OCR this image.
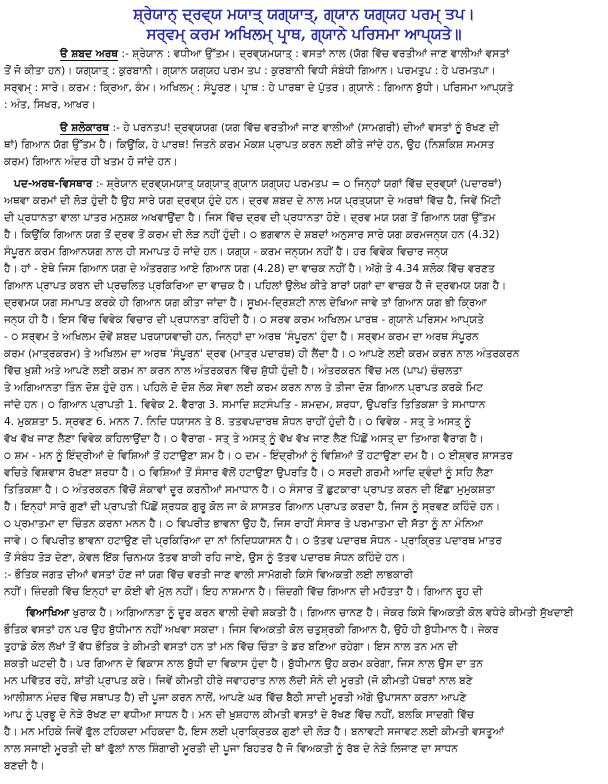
ਸ਼੍ਰੇਯਾਨ੍ ਦ੍ਰਵ੍ਯ ਮਯਾਤ੍ ਯਗ੍ਯਾਤ੍, ਗ੍ਯਾਨ ਯਗ੍ਯਹ ਪਰਮ੍ ਤਪ।
ਸਰ੍ਵਮ੍ ਕਰਮ ਅਖਿਲਮ੍ ਪਾਰ੍ਥ, ਗ੍ਯਾਨੇ ਪਰਿਸਮਾ ਆਪ੍ਯਤੇ॥
ੳ ਸ਼ਬਦ ਅਰਥ :- ਸ਼੍ਰੇਯਾਨ : ਵਧੀਆ ਉੱਤਮ। ਦ੍ਰਵ੍ਯਮਯਾਤ੍ : ਵਸਤਾਂ ਨਾਲ (ਯੱਗ ਵਿੱਚ ਵਰਤੀਆਂ ਜਾਣ ਵਾਲੀਆਂ ਵਸਤਾਂ
ਤੋਂ ਜੋ ਕੀਤਾ ਹਨ)। ਯਗ੍ਯਾਤ੍ : ਕੁਰਬਾਨੀ। ਗ੍ਯਾਨ ਯਗ੍ਯਹ ਪਰਮ ਤਪ : ਕੁਰਬਾਨੀ ਵਿਧੀ ਸੰਬੰਧੀ ਗਿਆਨ। ਪਰਮਤੁਪ : ਹੇ ਪਰਮਤਪਾ।
ਸਰ੍ਵਮ੍ : ਸਾਰੇ। ਕਰਮ : ਕ੍ਰਿਆ, ਕੰਮ। ਅਖਿਲਮ੍ : ਸੰਪੂਰਣ। ਪਾਰ੍ਥ : ਹੇ ਪਾਰਥਾ ਦੇ ਪੁੱਤਰ। ਗ੍ਯਾਨੇ : ਗਿਆਨ ਬੁੱਧੀ। ਪਰਿਸਮਾ ਆਪ੍ਯਤੇ
: ਅੰਤ, ਸਿਖਰ, ਆਖਰ।
ੳ ਸ਼ਲੋਕਾਰਥ :- ਹੇ ਪਰਨਤਪ! ਦ੍ਰਵ੍ਯਯਗ (ਯਗ ਵਿੱਚ ਵਰਤੀਆਂ ਜਾਣ ਵਾਲੀਆਂ (ਸਾਮਗਰੀ) ਦੀਆਂ ਵਸਤਾਂ ਨੂੰ ਰੱਖਣ ਦੀ
ਥਾਂ) ਗਿਆਨ ਯੱਗ ਉੱਤਮ ਹੈ। ਕਿਉਂਕਿ, ਹੇ ਪਾਰਥ! ਜਿਤਨੇ ਕਰਮ ਮੋਕਸ਼ ਪ੍ਰਾਪਤ ਕਰਨ ਲਈ ਕੀਤੇ ਜਾਂਦੇ ਹਨ, ਉਹ (ਨਿਸ਼ਕਿਸ਼ ਸਮਸਤ
ਕਰਮ) ਗਿਆਨ ਅੰਦਰ ਹੀ ਖਤਮ ਹੋ ਜਾਂਦੇ ਹਨ।
ਪਦ-ਅਰਥ-ਵਿਸਥਾਰ :- ਸ਼੍ਰੇਯਾਨ ਦ੍ਰਵ੍ਯਮਯਾਤ੍ ਯਗ੍ਯਾਤ੍ ਗ੍ਯਾਨ ਯਗ੍ਯਹ ਪਰਮਤਪ = ੦ ਜਿਨ੍ਹਾਂ ਯਗਾਂ ਵਿੱਚ ਦ੍ਰਵ੍ਯਾਂ (ਪਦਾਰਥਾਂ)
ਅਥਵਾ ਕਰਮਾਂ ਦੀ ਲੋੜ ਹੁੰਦੀ ਹੈ ਉਹ ਸਾਰੇ ਯਗ ਦ੍ਰਵ੍ਯ ਹੁੰਦੇ ਹਨ। ਦ੍ਰਵ ਸ਼ਬਦ ਦੇ ਨਾਲ ਮਯ ਪ੍ਰਤ੍ਯਯਾ ਦੇ ਅਰਥਾਂ ਵਿੱਚ ਹੈ, ਜਿਵੇਂ ਮਿੱਟੀ
ਦੀ ਪ੍ਰਧਾਨਤਾ ਵਾਲਾ ਪਾਤਰ ਮਨੁਸ਼ਕ ਅਖਵਾਉਂਦਾ ਹੈ। ਜਿਸ ਵਿੱਚ ਦ੍ਰਵ ਦੀ ਪ੍ਰਧਾਨਤਾ ਹੋਏ। ਦ੍ਰਵ ਮਯ ਯਗ ਤੋਂ ਗਿਆਨ ਯਗ ਉੱਤਮ
ਹੈ। ਕਿਉਂਕਿ ਗਿਆਨ ਯਗ ਤੋਂ ਦ੍ਰਵ ਤੋਂ ਕਰਮ ਦੀ ਲੋੜ ਨਹੀਂ ਹੁੰਦੀ। ੦ ਭਗਵਾਨ ਦੇ ਸ਼ਬਦਾਂ ਅਨੁਸਾਰ ਸਾਰੇ ਯਗ ਕਰਮਜਨ੍ਯ ਹਨ (4.32)
ਸੰਪੂਰਨ ਕਰਮ ਗਿਆਨਯਗ ਨਾਲ ਹੀ ਸਮਾਪਤ ਹੋ ਜਾਂਦੇ ਹਨ। ਯਗ੍ਯ - ਕਰਮ ਜਨ੍ਯਮ ਨਹੀਂ ਹੈ। ਹਰ ਵਿਵੇਕ ਵਿਚਾਰ ਜਨ੍ਯ
ਹੈ। ਹਾਂ - ਏਥੇ ਜਿਸ ਗਿਆਨ ਯਗ ਦੇ ਅੰਤਰਗਤ ਆਏ ਗਿਆਨ ਯਗ (4.28) ਦਾ ਵਾਚਕ ਨਹੀਂ ਹੈ। ਅੱਗੇ ਤੇ 4.34 ਸ਼ਲੋਕ ਵਿੱਚ ਵਰਣਤ
ਗਿਆਨ ਪ੍ਰਾਪਤ ਕਰਨ ਦੀ ਪ੍ਰਚਲਿਤ ਪ੍ਰਕਿਰਿਆ ਦਾ ਵਾਚਕ ਹੈ। ਪਹਿਲਾਂ ਉਲੇਖ ਕੀਤੇ ਬਾਰਾਂ ਯਗਾਂ ਦਾ ਵਾਚਕ ਹੈ ਜੋ ਦ੍ਰਵਮਯ ਯਗ ਹੈ।
ਦ੍ਰਵਮਯ ਯਗ ਸਮਾਪਤ ਕਰਕੇ ਹੀ ਗਿਆਨ ਯਗ ਕੀਤਾ ਜਾਂਦਾ ਹੈ। ਸੂਖਮ-ਦ੍ਰਿਸ਼ਟੀ ਨਾਲ ਦੇਖਿਆ ਜਾਵੇ ਤਾਂ ਗਿਆਨ ਯਗ ਭੀ ਕ੍ਰਿਆ
ਜਨ੍ਯ ਹੀ ਹੈ। ਇਸ ਵਿੱਚ ਵਿਵੇਕ ਵਿਚਾਰ ਦੀ ਪ੍ਰਧਾਨਤਾ ਰਹਿੰਦੀ ਹੈ। ੦ ਸਰਵ ਕਰਮ ਅਖਿਲਮ ਪਾਰਥ - ਗ੍ਯਾਨੇ ਪਰਿਸਮ ਆਪ੍ਯਤੇ
- ੦ ਸਰ੍ਵਮ ਤੇ ਅਖਿਲਮ ਦੋਵੇਂ ਸ਼ਬਦ ਪਰਯਾਯਵਾਚੀ ਹਨ, ਜਿਨ੍ਹਾਂ ਦਾ ਅਰਥ 'ਸੰਪੂਰਨ' ਹੁੰਦਾ ਹੈ। ਸਰ੍ਵਮ ਕਰਮ ਦਾ ਅਰਥ ਸੰਪੂਰਨ
ਕਰਮ (ਮਾਤ੍ਰਕਰਮ) ਤੇ ਅਖਿਲਮ ਦਾ ਅਰਥ 'ਸੰਪੂਰਨ' ਦ੍ਰਵ (ਮਾਤ੍ਰ ਪਦਾਰਥ) ਹੀ ਲੈਂਦਾ ਹੈ। ੦ ਆਪਣੇ ਲਈ ਕਰਮ ਕਰਨ ਨਾਲ ਅੰਤਰਕਰਨ
ਵਿੱਚ ਖ਼ੁਸ਼ੀ ਅਤੇ ਆਪਣੇ ਲਈ ਕਰਮ ਨਾ ਕਰਨ ਨਾਲ ਅੰਤਰਕਰਨ ਵਿੱਚ ਸ਼ੁੱਧੀ ਹੁੰਦੀ ਹੈ। ਅੰਤਰਕਰਨ ਵਿੱਚ ਮਲ (ਪਾਪ) ਚੰਚਲਤਾ
ਤੇ ਅਗਿਆਨਤਾ ਤਿੰਨ ਦੋਸ਼ ਹੁੰਦੇ ਹਨ। ਪਹਿਲੇ ਦੋ ਦੋਸ਼ ਲੋਕ ਸੇਵਾ ਲਈ ਕਰਮ ਕਰਨ ਨਾਲ ਤੇ ਤੀਜਾ ਦੋਸ਼ ਗਿਆਨ ਪ੍ਰਾਪਤ ਕਰਕੇ ਮਿਟ
ਜਾਂਦੇ ਹਨ। ੦ ਗਿਆਨ ਪ੍ਰਾਪਤੀ 1. ਵਿਵੇਕ 2. ਵੈਰਾਗ 3. ਸਮਾਦਿ ਸ਼ਟਸੰਪਤਿ - ਸ਼ਮਦਮ, ਸ਼ਰਧਾ, ਉਪਰਤਿ ਤਿਤਿਕਸ਼ਾ ਤੇ ਸਮਾਧਾਨ
4. ਮੁਕਸ਼ਤਾ 5. ਸ੍ਰਵਣ 6. ਮਨਨ 7. ਨਿਦਿ ਧਯਾਸਨ ਤੇ 8. ਤਤਵਪਦਾਰਥ ਸ਼ੋਧਨ ਰਾਹੀਂ ਹੁੰਦੀ ਹੈ। ੦ ਵਿਵੇਕ - ਸਤ੍ ਤੇ ਅਸਤ੍ ਨੂੰ
ਵੱਖ ਵੱਖ ਜਾਣ ਲੈਣਾ ਵਿਵੇਕ ਕਹਿਲਾਉਂਦਾ ਹੈ। ੦ ਵੈਰਾਗ - ਸਤ੍ ਤੇ ਅਸਤ੍ ਨੂੰ ਵੱਖ ਵੱਖ ਜਾਣ ਲੈਣ ਪਿੱਛੋਂ ਅਸਤ੍ ਦਾ ਤਿਆਗ ਵੈਰਾਗ ਹੈ।
੦ ਸ਼ਮ - ਮਨ ਨੂੰ ਇੰਦ੍ਰੀਆਂ ਦੇ ਵਿਸ਼ਿਆਂ ਤੋਂ ਹਟਾਉਣਾ ਸ਼ਮ ਹੈ। ੦ ਦਮ - ਇੰਦ੍ਰੀਆਂ ਨੂੰ ਵਿਸ਼ਿਆਂ ਤੋਂ ਹਟਾਉਣਾ ਦਮ ਹੈ। ੦ ਈਸ਼੍ਵਰ ਸ਼ਾਸਤਰ
ਵਚਿਤੇ ਵਿਸ਼ਵਾਸ ਰੱਖਣਾ ਸ਼ਰਧਾ ਹੈ। ੦ ਵਿਸ਼ਿਆਂ ਤੋਂ ਸੰਸਾਰ ਵੱਲੋਂ ਹਟਾਉਣਾ ਉਪਰਤਿ ਹੈ। ੦ ਸਰਦੀ ਗਰਮੀ ਆਦਿ ਦ੍ਵੰਦਾਂ ਨੂੰ ਸਹਿ ਲੈਣਾ
ਤਿਤਿਕਸ਼ਾ ਹੈ। ੦ ਅੰਤਰਕਰਨ ਵਿੱਚੋਂ ਸ਼ੰਕਾਵਾਂ ਦੂਰ ਕਰਨੀਆਂ ਸਮਾਧਾਨ ਹੈ। ੦ ਸੰਸਾਰ ਤੋਂ ਛੁਟਕਾਰਾ ਪ੍ਰਾਪਤ ਕਰਨ ਦੀ ਇੱਛਾ ਮੁਮੁਕਸ਼ਤਾ
ਹੈ। ਇਨ੍ਹਾਂ ਸਾਰੇ ਗੁਣਾਂ ਦੀ ਪ੍ਰਾਪਤੀ ਪਿੱਛੋਂ ਸ਼੍ਰਧਕ ਗੁਰੂ ਕੋਲ ਜਾ ਕੇ ਸ਼ਾਸਤਰ ਗਿਆਨ ਪ੍ਰਾਪਤ ਕਰਦਾ ਹੈ, ਜਿਸ ਨੂੰ ਸ੍ਰਵਣ ਕਹਿੰਦੇ ਹਨ।
੦ ਪ੍ਰਮਾਤਮਾ ਦਾ ਚਿੰਤਨ ਕਰਨਾ ਮਨਨ ਹੈ। ੦ ਵਿਪਰੀਤ ਭਾਵਨਾ ਉਹ ਹੈ, ਜਿਸ ਰਾਹੀਂ ਸੰਸਾਰ ਤੇ ਪਰਮਾਤਮਾ ਦੀ ਸੱਤਾ ਨੂੰ ਨਾ ਮੰਨਿਆ
ਜਾਵੇ। ੦ ਵਿਪਰੀਤ ਭਾਵਨਾ ਹਟਾਉਣ ਦੀ ਪ੍ਰਕਿਰਿਆ ਦਾ ਨਾਂ ਨਿਦਿਧਯਾਸਨ ਹੈ। ੦ ਤੱਤਵ ਪਦਾਰਥ ਸੋਧਨ - ਪ੍ਰਾਕ੍ਰਿਤ ਪਦਾਰਥ ਮਾਤਰ
ਤੋਂ ਸੰਬੰਧ ਤੋੜ ਦੇਣਾ, ਕੇਵਲ ਇੱਕ ਚਿਨਮਯ ਤੱਤਵ ਬਾਕੀ ਰਹਿ ਜਾਏ, ਉਸ ਨੂੰ ਤੱਤਵ ਪਦਾਰਥ ਸੋਧਨ ਕਹਿੰਦੇ ਹਨ।
:- ਭੌਤਿਕ ਜਗਤ ਦੀਆਂ ਵਸਤਾਂ ਹੋਣ ਜਾਂ ਯਗ ਵਿੱਚ ਵਰਤੀ ਜਾਣ ਵਾਲੀ ਸਾਮੱਗਰੀ ਕਿਸੇ ਵਿਅਕਤੀ ਲਈ ਲਾਭਕਾਰੀ
ਨਹੀਂ। ਜ਼ਿੰਦਗੀ ਵਿੱਚ ਇਨ੍ਹਾਂ ਦਾ ਕੋਈ ਵੀ ਮੁੱਲ ਨਹੀਂ। ਇਹ ਨਾਸ਼ਮਾਨ ਹੈ। ਜ਼ਿੰਦਗੀ ਵਿੱਚ ਗਿਆਨ ਦੀ ਮਹੱਤਤਾ ਹੈ। ਗਿਆਨ ਰੂਹ ਦੀ
ਵਿਆਖਿਆ ਖੁਰਾਕ ਹੈ। ਅਗਿਆਨਤਾ ਨੂੰ ਦੂਰ ਕਰਨ ਵਾਲੀ ਦੇਵੀ ਸ਼ਕਤੀ ਹੈ। ਗਿਆਨ ਚਾਨਣ ਹੈ। ਜੇਕਰ ਕਿਸੇ ਵਿਅਕਤੀ ਕੋਲ ਵਧੇਰੇ ਕੀਮਤੀ ਸੁੱਖਦਾਈ
ਭੌਤਿਕ ਵਸਤਾਂ ਹਨ ਪਰ ਉਹ ਬੁੱਧੀਮਾਨ ਨਹੀਂ ਅਖਵਾ ਸਕਦਾ। ਜਿਸ ਵਿਅਕਤੀ ਕੋਲ ਚਤੁਸ਼੍ਰਕੀ ਗਿਆਨ ਹੈ, ਉਹੋ ਹੀ ਬੁੱਧੀਮਾਨ ਹੈ। ਜੇਕਰ
ਤੁਹਾਡੇ ਕੋਲ ਲੱਖਾਂ ਤੋਂ ਵੱਧ ਭੌਤਿਕ ਤੇ ਕੀਮਤੀ ਵਸਤਾਂ ਹਨ ਤਾਂ ਮਨ ਵਿੱਚ ਚਿੰਤਾ ਤੇ ਡਰ ਬਣਿਆ ਰਹੇਗਾ। ਇਸ ਨਾਲ ਤਨ ਮਨ ਦੀ
ਸ਼ਕਤੀ ਘਟਦੀ ਹੈ। ਪਰ ਗਿਆਨ ਦੇ ਵਿਕਾਸ ਨਾਲ ਬੁੱਧੀ ਦਾ ਵਿਕਾਸ ਹੁੰਦਾ ਹੈ। ਬੁੱਧੀਮਾਨ ਉਹ ਕਰਮ ਕਰੇਗਾ, ਜਿਸ ਨਾਲ ਉਸ ਦਾ ਤਨ
ਮਨ ਪਵਿੱਤਰ ਰਹੇ, ਸ਼ਾਂਤੀ ਪ੍ਰਾਪਤ ਕਰੇ। ਜਿਵੇਂ ਕੀਮਤੀ ਹੀਰੇ ਜਵਾਹਰਾਤ ਨਾਲ ਲੱਦੀ ਸੋਨੇ ਦੀ ਮੂਰਤੀ (ਜੋ ਕੀਮਤੀ ਪੱਥਰਾਂ ਨਾਲ ਬਣੇ
ਆਲੀਸ਼ਾਨ ਮੰਦਰ ਵਿੱਚ ਸਥਾਪਤ ਹੈ) ਦੀ ਪੂਜਾ ਕਰਨ ਨਾਲੋਂ, ਆਪਣੇ ਘਰ ਵਿੱਚ ਬੈਠੀ ਸਾਦੀ ਮੂਰਤੀ ਅੱਗੇ ਉਪਾਸਨਾ ਕਰਨਾ ਆਪਣੇ
ਆਪ ਨੂੰ ਪ੍ਰਭੂ ਦੇ ਨੇੜੇ ਰੱਖਣ ਦਾ ਵਧੀਆ ਸਾਧਨ ਹੈ। ਮਨ ਦੀ ਖ਼ੁਸ਼ਹਾਲ ਕੀਮਤੀ ਵਸਤਾਂ ਦੇ ਰੱਖਣ ਵਿੱਚ ਨਹੀਂ, ਬਲਕਿ ਸਾਦਗੀ ਵਿੱਚ
ਹੈ। ਮਨ ਮਹਿਕੇ ਜਿਵੇਂ ਫੁੱਲ ਟਹਿਕਦਾ ਮਹਿਕਦਾ ਹੈ, ਇਸ ਲਈ ਪ੍ਰਾਕ੍ਰਿਤਕ ਗੁਣਾਂ ਦੀ ਲੋੜ ਹੈ। ਬਨਾਵਟੀ ਸਜਾਵਟ ਲਈ ਕੀਮਤੀ ਵਸਤੂਆਂ
ਨਾਲ ਸਜਾਈ ਮੂਰਤੀ ਦੀ ਥਾਂ ਫੁੱਲਾਂ ਨਾਲ ਸ਼ਿੰਗਾਰੀ ਮੂਰਤੀ ਦੀ ਪੂਜਾ ਬਿਹਤਰ ਹੈ ਜੋ ਵਿਅਕਤੀ ਨੂੰ ਰੱਬ ਦੇ ਨੇੜੇ ਲਿਜਾਣ ਦਾ ਸਾਧਨ
ਬਣਦੀ ਹੈ।
